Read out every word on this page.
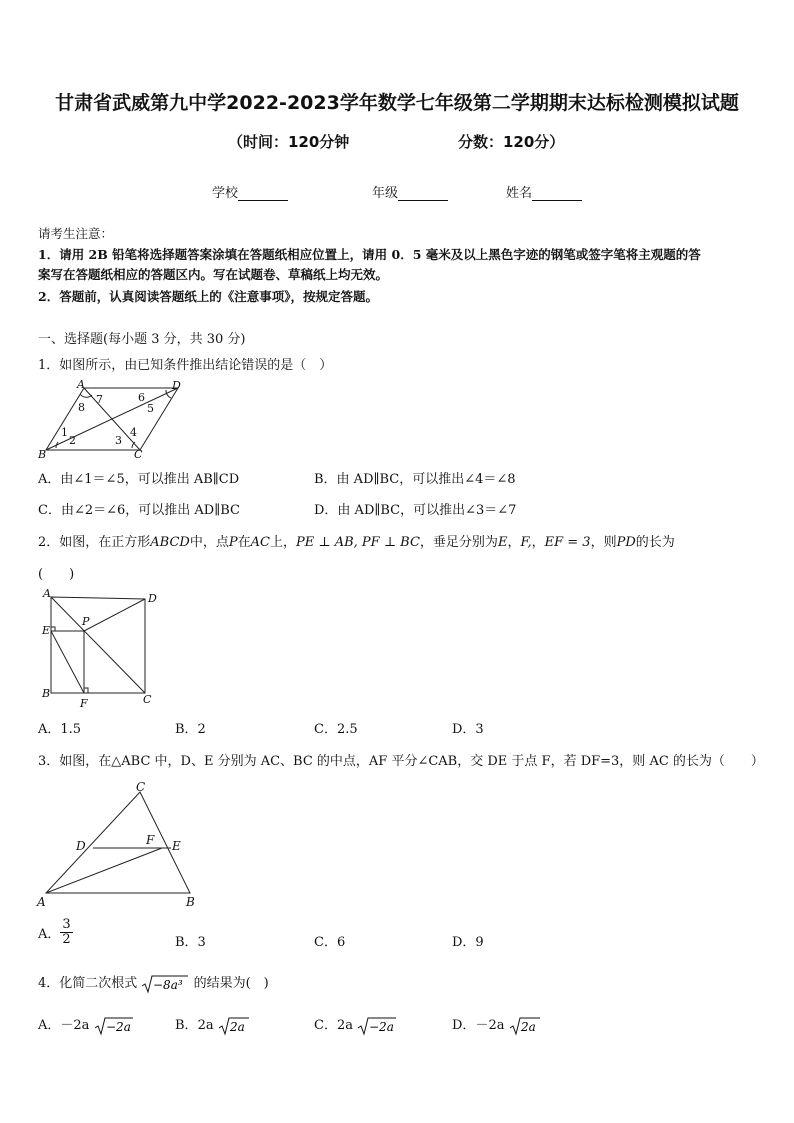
甘肃省武威第九中学2022-2023学年数学七年级第二学期期末达标检测模拟试题
（时间：120分钟	分数：120分）
学校	年级	姓名
请考生注意：
1．请用 2B 铅笔将选择题答案涂填在答题纸相应位置上，请用 0．5 毫米及以上黑色字迹的钢笔或签字笔将主观题的答
案写在答题纸相应的答题区内。写在试题卷、草稿纸上均无效。
2．答题前，认真阅读答题纸上的《注意事项》，按规定答题。
一、选择题(每小题 3 分，共 30 分)
1．如图所示，由已知条件推出结论错误的是（　）
A	D
B	C
1
2	3
4
5
6
7
8
A．由∠1＝∠5，可以推出 AB∥CD	B．由 AD∥BC，可以推出∠4＝∠8
C．由∠2＝∠6，可以推出 AD∥BC	D．由 AD∥BC，可以推出∠3＝∠7
2．如图，在正方形ABCD中，点P在AC上，PE ⊥ AB, PF ⊥ BC，垂足分别为E，F,，EF = 3，则PD的长为
(　　)
A	D
E
P
B
F	C
A．1.5	B．2	C．2.5	D．3
3．如图，在△ABC 中，D、E 分别为 AC、BC 的中点，AF 平分∠CAB，交 DE 于点 F，若 DF=3，则 AC 的长为（　　）
C
D	F E
A	B
A． $\frac{3}{2}$	B．3	C．6	D．9
4．化简二次根式 −8a³ 的结果为(　)
A．－2a −2a	B．2a 2a	C．2a −2a	D．－2a 2a
